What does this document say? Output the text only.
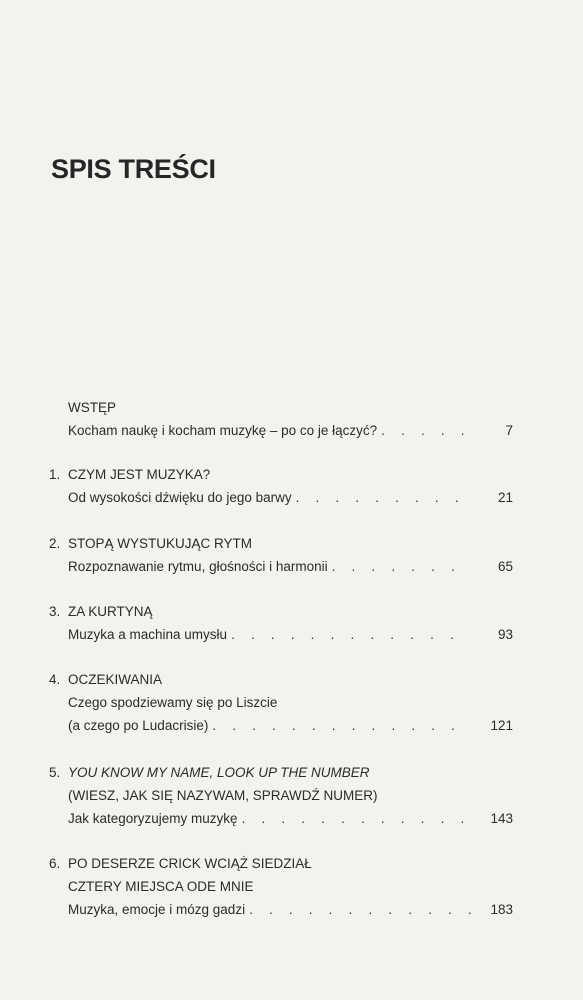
SPIS TREŚCI
WSTĘP
Kocham naukę i kocham muzykę – po co je łączyć? . . .	7
1. CZYM JEST MUZYKA?
Od wysokości dźwięku do jego barwy . . .	21
2. STOPĄ WYSTUKUJĄC RYTM
Rozpoznawanie rytmu, głośności i harmonii . . .	65
3. ZA KURTYNĄ
Muzyka a machina umysłu . . .	93
4. OCZEKIWANIA
Czego spodziewamy się po Liszcie
(a czego po Ludacrisie) . . .	121
5. YOU KNOW MY NAME, LOOK UP THE NUMBER
(WIESZ, JAK SIĘ NAZYWAM, SPRAWDŹ NUMER)
Jak kategoryzujemy muzykę . . .	143
6. PO DESERZE CRICK WCIĄŻ SIEDZIAŁ
CZTERY MIEJSCA ODE MNIE
Muzyka, emocje i mózg gadzi . . .	183
